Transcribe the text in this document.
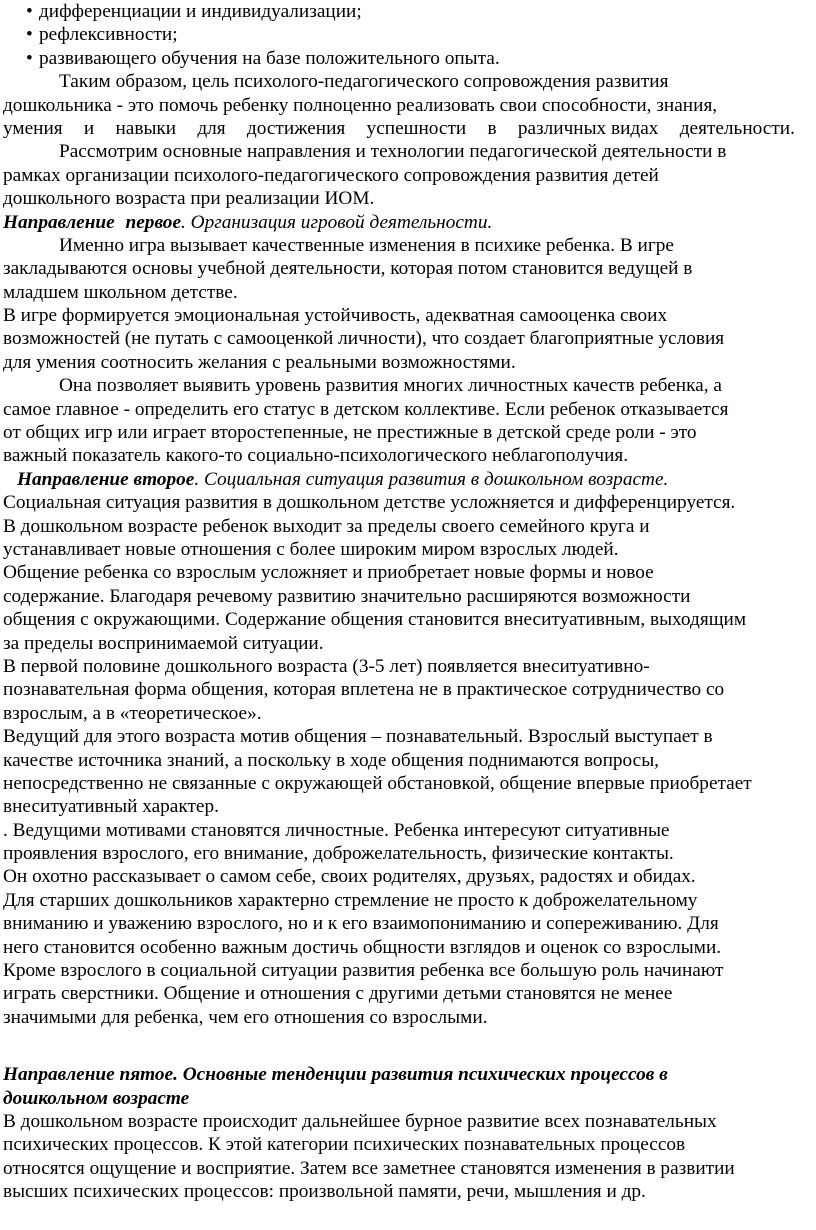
• дифференциации и индивидуализации;
• рефлексивности;
• развивающего обучения на базе положительного опыта.
Таким образом, цель психолого-педагогического сопровождения развития
дошкольника - это помочь ребенку полноценно реализовать свои способности, знания,
умения и навыки для достижения успешности в различных видах деятельности.
Рассмотрим основные направления и технологии педагогической деятельности в
рамках организации психолого-педагогического сопровождения развития детей
дошкольного возраста при реализации ИОМ.
Направление первое. Организация игровой деятельности.
Именно игра вызывает качественные изменения в психике ребенка. В игре
закладываются основы учебной деятельности, которая потом становится ведущей в
младшем школьном детстве.
В игре формируется эмоциональная устойчивость, адекватная самооценка своих
возможностей (не путать с самооценкой личности), что создает благоприятные условия
для умения соотносить желания с реальными возможностями.
Она позволяет выявить уровень развития многих личностных качеств ребенка, а
самое главное - определить его статус в детском коллективе. Если ребенок отказывается
от общих игр или играет второстепенные, не престижные в детской среде роли - это
важный показатель какого-то социально-психологического неблагополучия.
Направление второе. Социальная ситуация развития в дошкольном возрасте.
Социальная ситуация развития в дошкольном детстве усложняется и дифференцируется.
В дошкольном возрасте ребенок выходит за пределы своего семейного круга и
устанавливает новые отношения с более широким миром взрослых людей.
Общение ребенка со взрослым усложняет и приобретает новые формы и новое
содержание. Благодаря речевому развитию значительно расширяются возможности
общения с окружающими. Содержание общения становится внеситуативным, выходящим
за пределы воспринимаемой ситуации.
В первой половине дошкольного возраста (3-5 лет) появляется внеситуативно-
познавательная форма общения, которая вплетена не в практическое сотрудничество со
взрослым, а в «теоретическое».
Ведущий для этого возраста мотив общения – познавательный. Взрослый выступает в
качестве источника знаний, а поскольку в ходе общения поднимаются вопросы,
непосредственно не связанные с окружающей обстановкой, общение впервые приобретает
внеситуативный характер.
. Ведущими мотивами становятся личностные. Ребенка интересуют ситуативные
проявления взрослого, его внимание, доброжелательность, физические контакты.
Он охотно рассказывает о самом себе, своих родителях, друзьях, радостях и обидах.
Для старших дошкольников характерно стремление не просто к доброжелательному
вниманию и уважению взрослого, но и к его взаимопониманию и сопереживанию. Для
него становится особенно важным достичь общности взглядов и оценок со взрослыми.
Кроме взрослого в социальной ситуации развития ребенка все большую роль начинают
играть сверстники. Общение и отношения с другими детьми становятся не менее
значимыми для ребенка, чем его отношения со взрослыми.
Направление пятое. Основные тенденции развития психических процессов в
дошкольном возрасте
В дошкольном возрасте происходит дальнейшее бурное развитие всех познавательных
психических процессов. К этой категории психических познавательных процессов
относятся ощущение и восприятие. Затем все заметнее становятся изменения в развитии
высших психических процессов: произвольной памяти, речи, мышления и др.
